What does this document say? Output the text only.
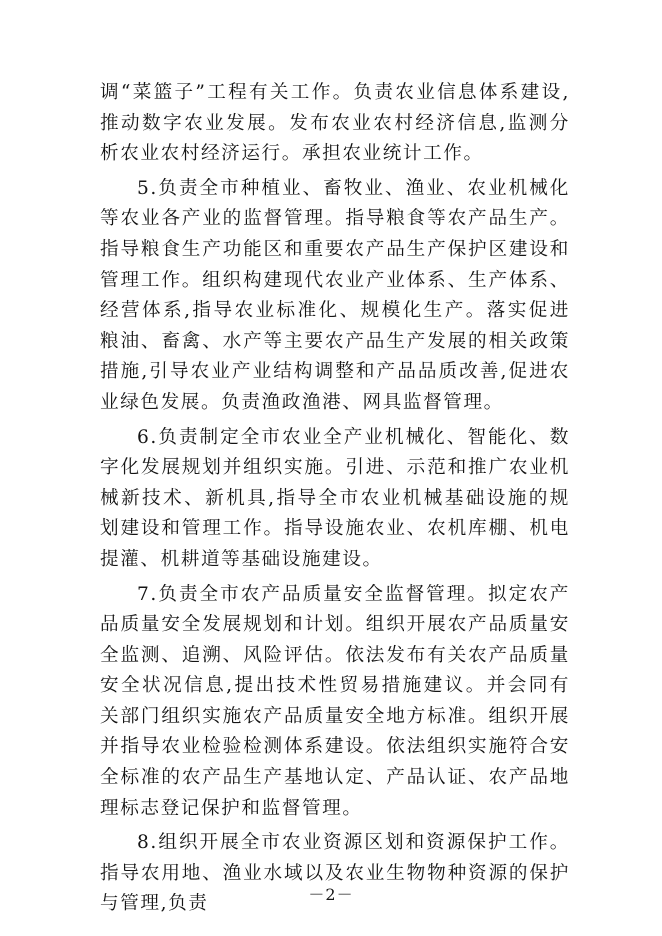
调“菜篮子”工程有关工作。负责农业信息体系建设,推动数字农业发展。发布农业农村经济信息,监测分析农业农村经济运行。承担农业统计工作。

5.负责全市种植业、畜牧业、渔业、农业机械化等农业各产业的监督管理。指导粮食等农产品生产。指导粮食生产功能区和重要农产品生产保护区建设和管理工作。组织构建现代农业产业体系、生产体系、经营体系,指导农业标准化、规模化生产。落实促进粮油、畜禽、水产等主要农产品生产发展的相关政策措施,引导农业产业结构调整和产品品质改善,促进农业绿色发展。负责渔政渔港、网具监督管理。

6.负责制定全市农业全产业机械化、智能化、数字化发展规划并组织实施。引进、示范和推广农业机械新技术、新机具,指导全市农业机械基础设施的规划建设和管理工作。指导设施农业、农机库棚、机电提灌、机耕道等基础设施建设。

7.负责全市农产品质量安全监督管理。拟定农产品质量安全发展规划和计划。组织开展农产品质量安全监测、追溯、风险评估。依法发布有关农产品质量安全状况信息,提出技术性贸易措施建议。并会同有关部门组织实施农产品质量安全地方标准。组织开展并指导农业检验检测体系建设。依法组织实施符合安全标准的农产品生产基地认定、产品认证、农产品地理标志登记保护和监督管理。

8.组织开展全市农业资源区划和资源保护工作。指导农用地、渔业水域以及农业生物物种资源的保护与管理,负责	－2－
